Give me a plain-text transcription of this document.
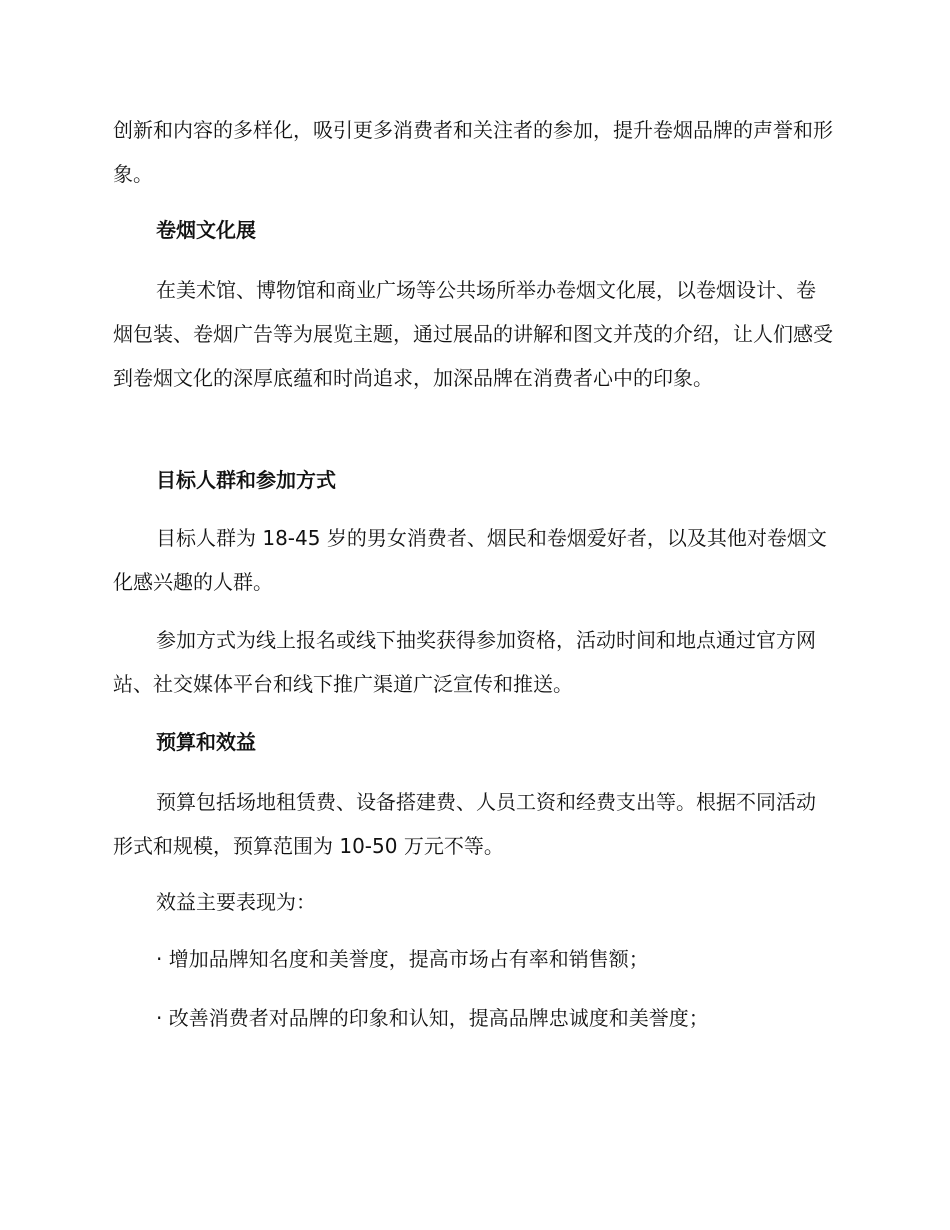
创新和内容的多样化，吸引更多消费者和关注者的参加，提升卷烟品牌的声誉和形象。

卷烟文化展

在美术馆、博物馆和商业广场等公共场所举办卷烟文化展，以卷烟设计、卷烟包装、卷烟广告等为展览主题，通过展品的讲解和图文并茂的介绍，让人们感受到卷烟文化的深厚底蕴和时尚追求，加深品牌在消费者心中的印象。

目标人群和参加方式

目标人群为 18-45 岁的男女消费者、烟民和卷烟爱好者，以及其他对卷烟文化感兴趣的人群。

参加方式为线上报名或线下抽奖获得参加资格，活动时间和地点通过官方网站、社交媒体平台和线下推广渠道广泛宣传和推送。

预算和效益

预算包括场地租赁费、设备搭建费、人员工资和经费支出等。根据不同活动形式和规模，预算范围为 10-50 万元不等。

效益主要表现为：

· 增加品牌知名度和美誉度，提高市场占有率和销售额；

· 改善消费者对品牌的印象和认知，提高品牌忠诚度和美誉度；
